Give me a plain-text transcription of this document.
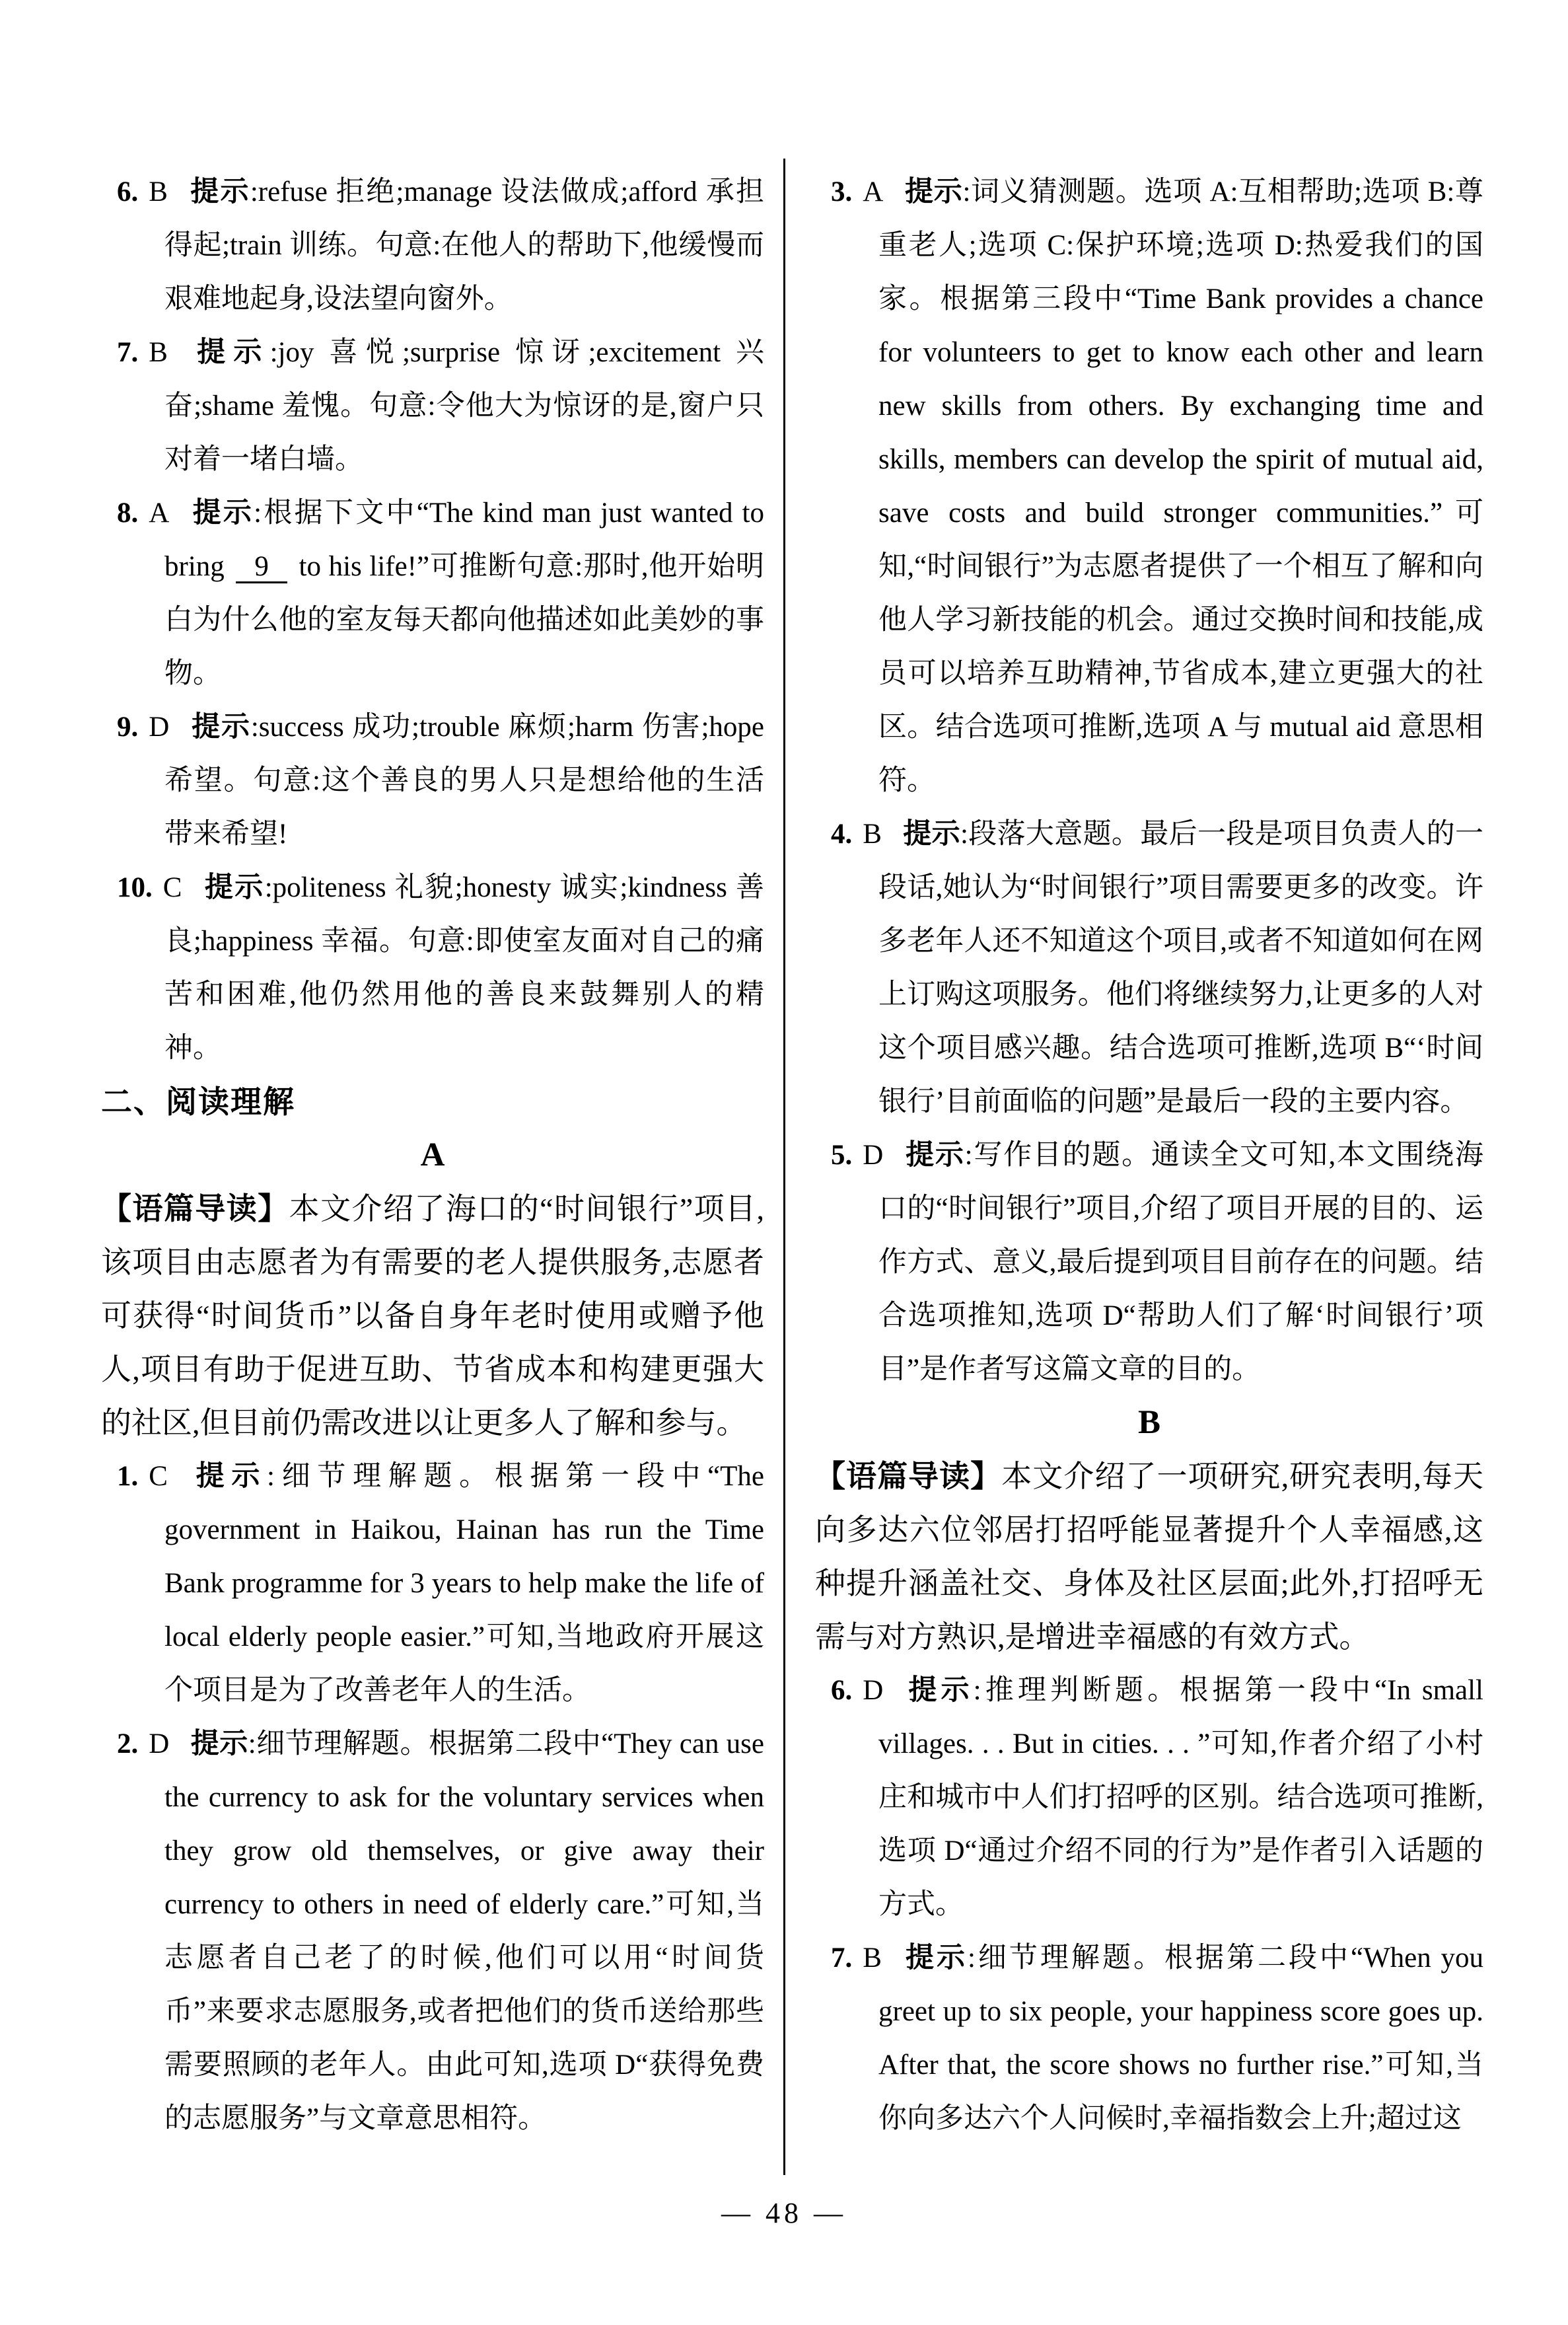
6. B 提示:refuse 拒绝;manage 设法做成;afford 承担得起;train 训练。句意:在他人的帮助下,他缓慢而艰难地起身,设法望向窗外。
7. B 提示:joy 喜悦;surprise 惊讶;excitement 兴奋;shame 羞愧。句意:令他大为惊讶的是,窗户只对着一堵白墙。
8. A 提示:根据下文中“The kind man just wanted to bring 9 to his life!”可推断句意:那时,他开始明白为什么他的室友每天都向他描述如此美妙的事物。
9. D 提示:success 成功;trouble 麻烦;harm 伤害;hope 希望。句意:这个善良的男人只是想给他的生活带来希望!
10. C 提示:politeness 礼貌;honesty 诚实;kindness 善良;happiness 幸福。句意:即使室友面对自己的痛苦和困难,他仍然用他的善良来鼓舞别人的精神。
二、阅读理解
A
【语篇导读】本文介绍了海口的“时间银行”项目,该项目由志愿者为有需要的老人提供服务,志愿者可获得“时间货币”以备自身年老时使用或赠予他人,项目有助于促进互助、节省成本和构建更强大的社区,但目前仍需改进以让更多人了解和参与。
1. C 提示:细节理解题。根据第一段中“The government in Haikou, Hainan has run the Time Bank programme for 3 years to help make the life of local elderly people easier.”可知,当地政府开展这个项目是为了改善老年人的生活。
2. D 提示:细节理解题。根据第二段中“They can use the currency to ask for the voluntary services when they grow old themselves, or give away their currency to others in need of elderly care.”可知,当志愿者自己老了的时候,他们可以用“时间货币”来要求志愿服务,或者把他们的货币送给那些需要照顾的老年人。由此可知,选项 D“获得免费的志愿服务”与文章意思相符。
3. A 提示:词义猜测题。选项 A:互相帮助;选项 B:尊重老人;选项 C:保护环境;选项 D:热爱我们的国家。根据第三段中“Time Bank provides a chance for volunteers to get to know each other and learn new skills from others. By exchanging time and skills, members can develop the spirit of mutual aid, save costs and build stronger communities.”可知,“时间银行”为志愿者提供了一个相互了解和向他人学习新技能的机会。通过交换时间和技能,成员可以培养互助精神,节省成本,建立更强大的社区。结合选项可推断,选项 A 与 mutual aid 意思相符。
4. B 提示:段落大意题。最后一段是项目负责人的一段话,她认为“时间银行”项目需要更多的改变。许多老年人还不知道这个项目,或者不知道如何在网上订购这项服务。他们将继续努力,让更多的人对这个项目感兴趣。结合选项可推断,选项 B“‘时间银行’目前面临的问题”是最后一段的主要内容。
5. D 提示:写作目的题。通读全文可知,本文围绕海口的“时间银行”项目,介绍了项目开展的目的、运作方式、意义,最后提到项目目前存在的问题。结合选项推知,选项 D“帮助人们了解‘时间银行’项目”是作者写这篇文章的目的。
B
【语篇导读】本文介绍了一项研究,研究表明,每天向多达六位邻居打招呼能显著提升个人幸福感,这种提升涵盖社交、身体及社区层面;此外,打招呼无需与对方熟识,是增进幸福感的有效方式。
6. D 提示:推理判断题。根据第一段中“In small villages. . . But in cities. . . ”可知,作者介绍了小村庄和城市中人们打招呼的区别。结合选项可推断,选项 D“通过介绍不同的行为”是作者引入话题的方式。
7. B 提示:细节理解题。根据第二段中“When you greet up to six people, your happiness score goes up. After that, the score shows no further rise.”可知,当你向多达六个人问候时,幸福指数会上升;超过这
— 48 —
